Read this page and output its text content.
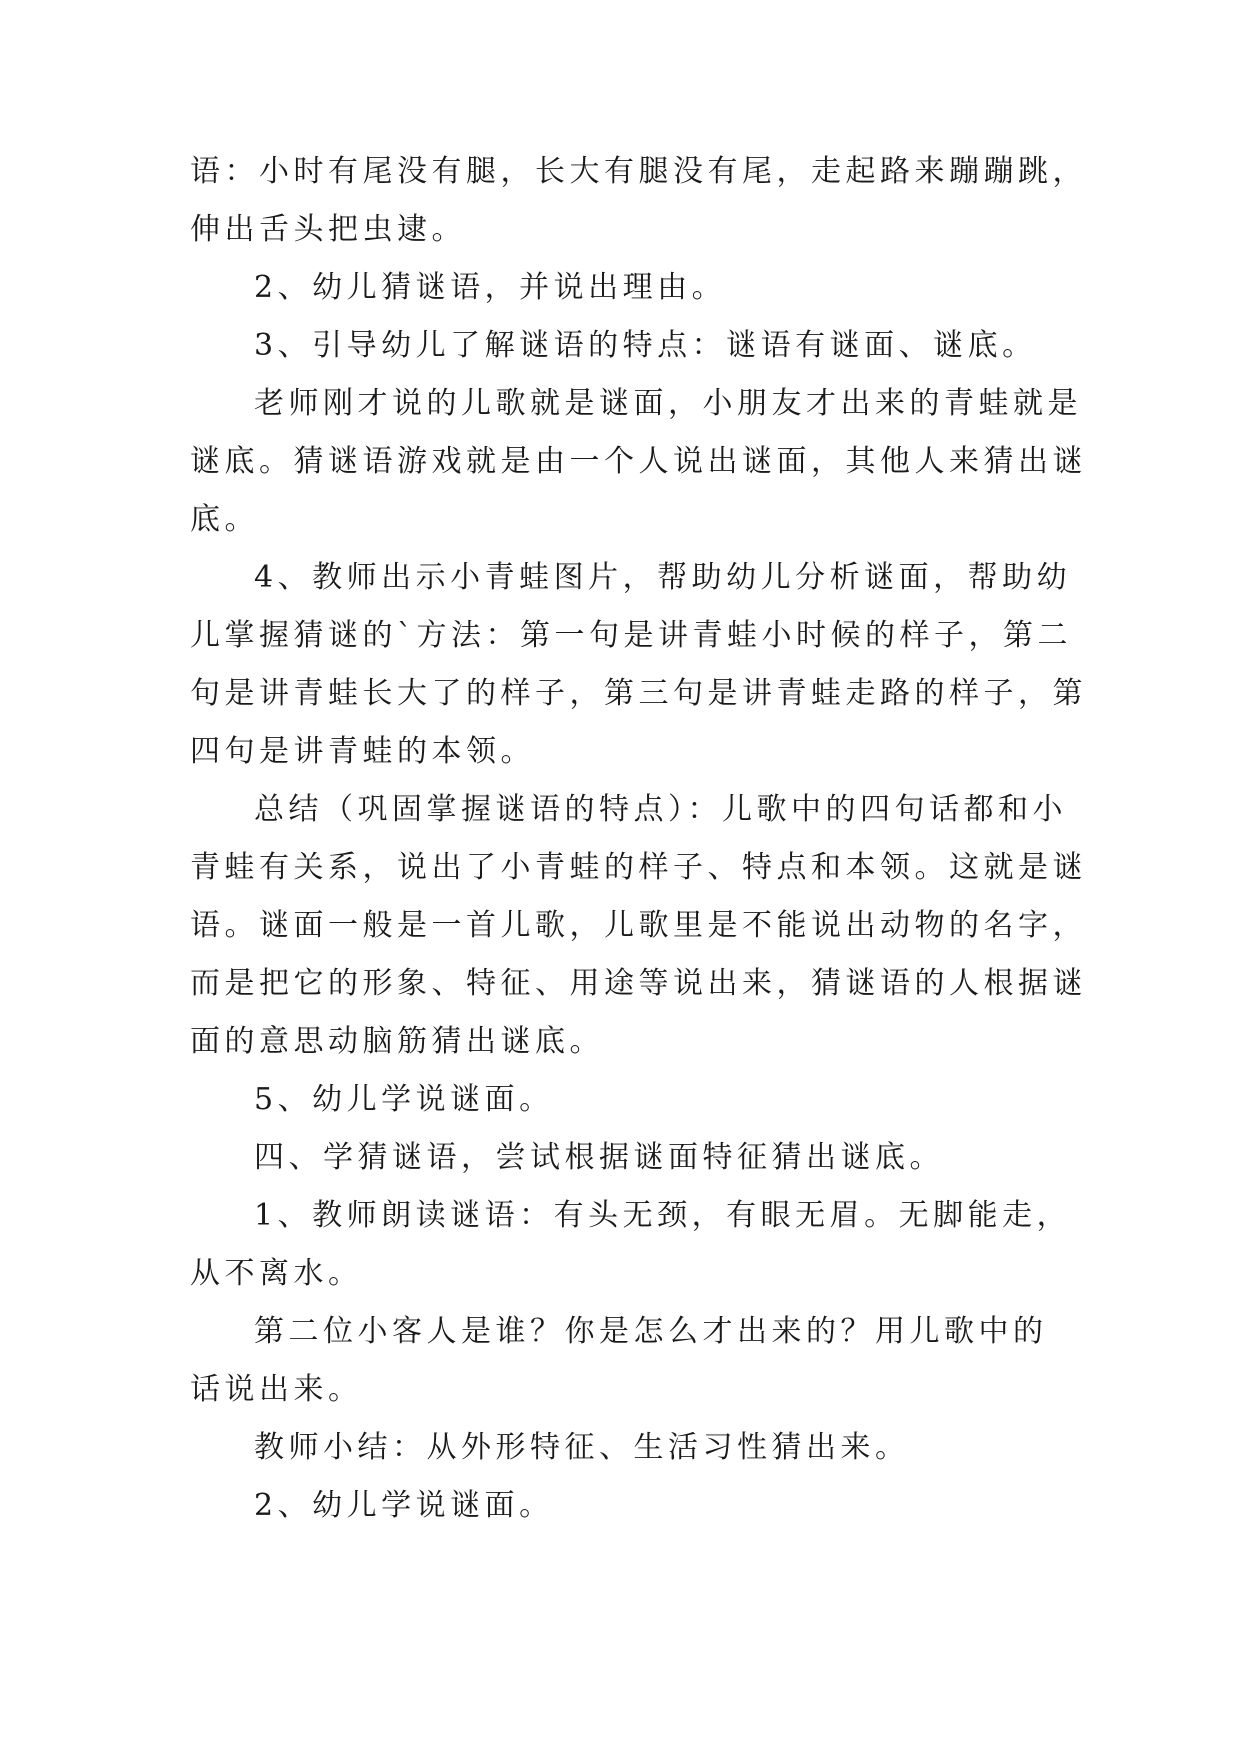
语：小时有尾没有腿，长大有腿没有尾，走起路来蹦蹦跳，
伸出舌头把虫逮。
2、幼儿猜谜语，并说出理由。
3、引导幼儿了解谜语的特点：谜语有谜面、谜底。
老师刚才说的儿歌就是谜面，小朋友才出来的青蛙就是
谜底。猜谜语游戏就是由一个人说出谜面，其他人来猜出谜
底。
4、教师出示小青蛙图片，帮助幼儿分析谜面，帮助幼
儿掌握猜谜的`方法：第一句是讲青蛙小时候的样子，第二
句是讲青蛙长大了的样子，第三句是讲青蛙走路的样子，第
四句是讲青蛙的本领。
总结（巩固掌握谜语的特点）：儿歌中的四句话都和小
青蛙有关系，说出了小青蛙的样子、特点和本领。这就是谜
语。谜面一般是一首儿歌，儿歌里是不能说出动物的名字，
而是把它的形象、特征、用途等说出来，猜谜语的人根据谜
面的意思动脑筋猜出谜底。
5、幼儿学说谜面。
四、学猜谜语，尝试根据谜面特征猜出谜底。
1、教师朗读谜语：有头无颈，有眼无眉。无脚能走，
从不离水。
第二位小客人是谁？你是怎么才出来的？用儿歌中的
话说出来。
教师小结：从外形特征、生活习性猜出来。
2、幼儿学说谜面。
